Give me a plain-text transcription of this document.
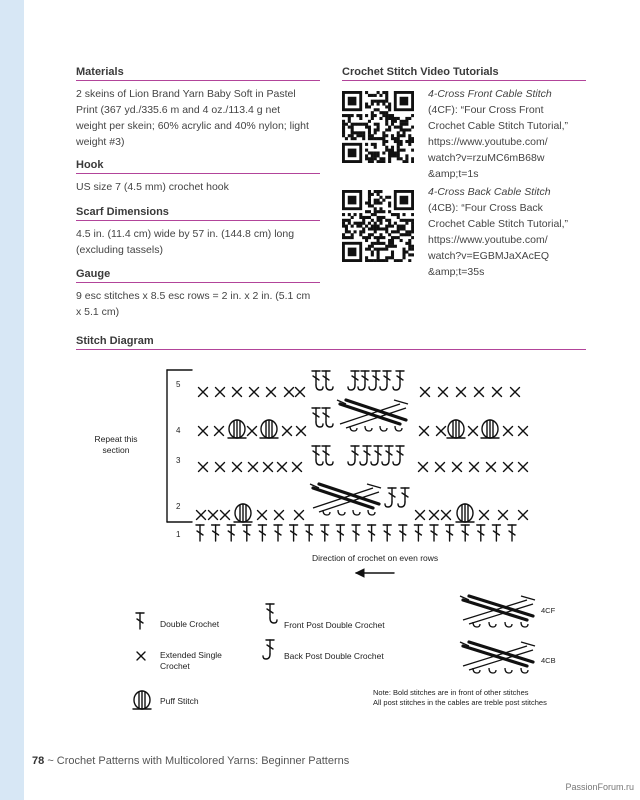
Materials
2 skeins of Lion Brand Yarn Baby Soft in Pastel
Print (367 yd./335.6 m and 4 oz./113.4 g net
weight per skein; 60% acrylic and 40% nylon; light
weight #3)
Hook
US size 7 (4.5 mm) crochet hook
Scarf Dimensions
4.5 in. (11.4 cm) wide by 57 in. (144.8 cm) long
(excluding tassels)
Gauge
9 esc stitches x 8.5 esc rows = 2 in. x 2 in. (5.1 cm
x 5.1 cm)
Crochet Stitch Video Tutorials
4-Cross Front Cable Stitch
(4CF): “Four Cross Front
Crochet Cable Stitch Tutorial,”
https://www.youtube.com/
watch?v=rzuMC6mB68w
&amp;t=1s
4-Cross Back Cable Stitch
(4CB): “Four Cross Back
Crochet Cable Stitch Tutorial,”
https://www.youtube.com/
watch?v=EGBMJaXAcEQ
&amp;t=35s
Stitch Diagram
5
4
3
2
1
Repeat this
section
Direction of crochet on even rows
Double Crochet
Extended Single
Crochet
Puff Stitch
Front Post Double Crochet
Back Post Double Crochet
4CF
4CB
Note: Bold stitches are in front of other stitches
All post stitches in the cables are treble post stitches
78 ~ Crochet Patterns with Multicolored Yarns: Beginner Patterns
PassionForum.ru
